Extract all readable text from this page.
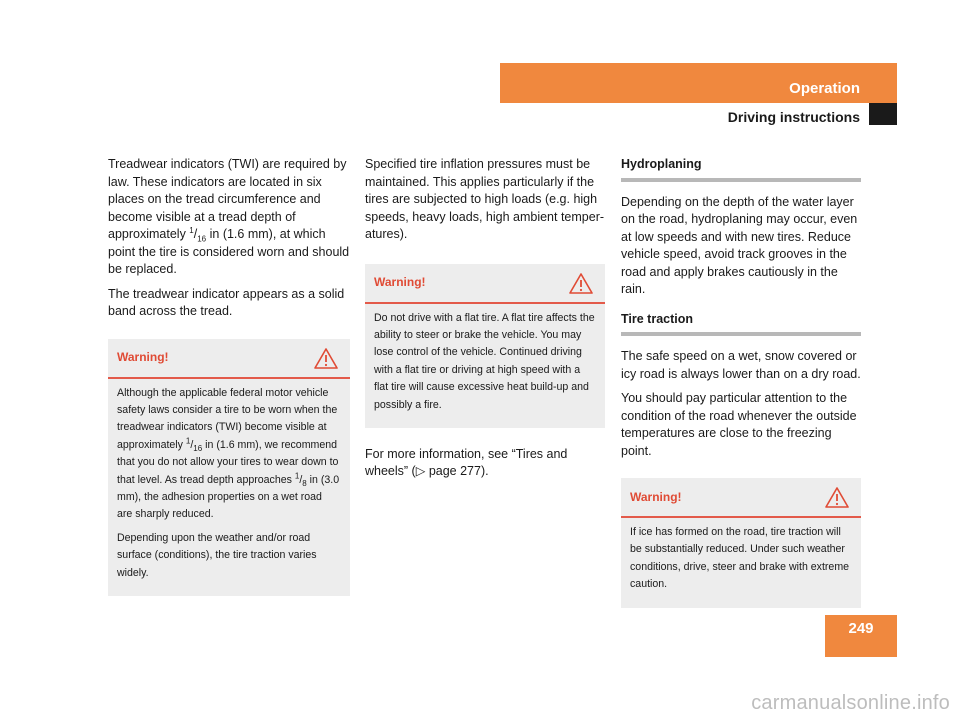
Operation
Driving instructions

Treadwear indicators (TWI) are required by law. These indicators are located in six places on the tread circumference and become visible at a tread depth of approximately $^1/_{16}$ in (1.6 mm), at which point the tire is considered worn and should be replaced.

The treadwear indicator appears as a solid band across the tread.

Warning!

Although the applicable federal motor vehicle safety laws consider a tire to be worn when the treadwear indicators (TWI) become visible at approximately $^1/_{16}$ in (1.6 mm), we recommend that you do not allow your tires to wear down to that level. As tread depth approaches $^1/_8$ in (3.0 mm), the adhesion properties on a wet road are sharply reduced.

Depending upon the weather and/or road surface (conditions), the tire traction varies widely.

Specified tire inflation pressures must be maintained. This applies particularly if the tires are subjected to high loads (e.g. high speeds, heavy loads, high ambient temper-atures).

Warning!

Do not drive with a flat tire. A flat tire affects the ability to steer or brake the vehicle. You may lose control of the vehicle. Continued driving with a flat tire or driving at high speed with a flat tire will cause excessive heat build-up and possibly a fire.

For more information, see “Tires and wheels” (▷ page 277).

Hydroplaning

Depending on the depth of the water layer on the road, hydroplaning may occur, even at low speeds and with new tires. Reduce vehicle speed, avoid track grooves in the road and apply brakes cautiously in the rain.

Tire traction

The safe speed on a wet, snow covered or icy road is always lower than on a dry road.

You should pay particular attention to the condition of the road whenever the outside temperatures are close to the freezing point.

Warning!

If ice has formed on the road, tire traction will be substantially reduced. Under such weather conditions, drive, steer and brake with extreme caution.

249
carmanualsonline.info
